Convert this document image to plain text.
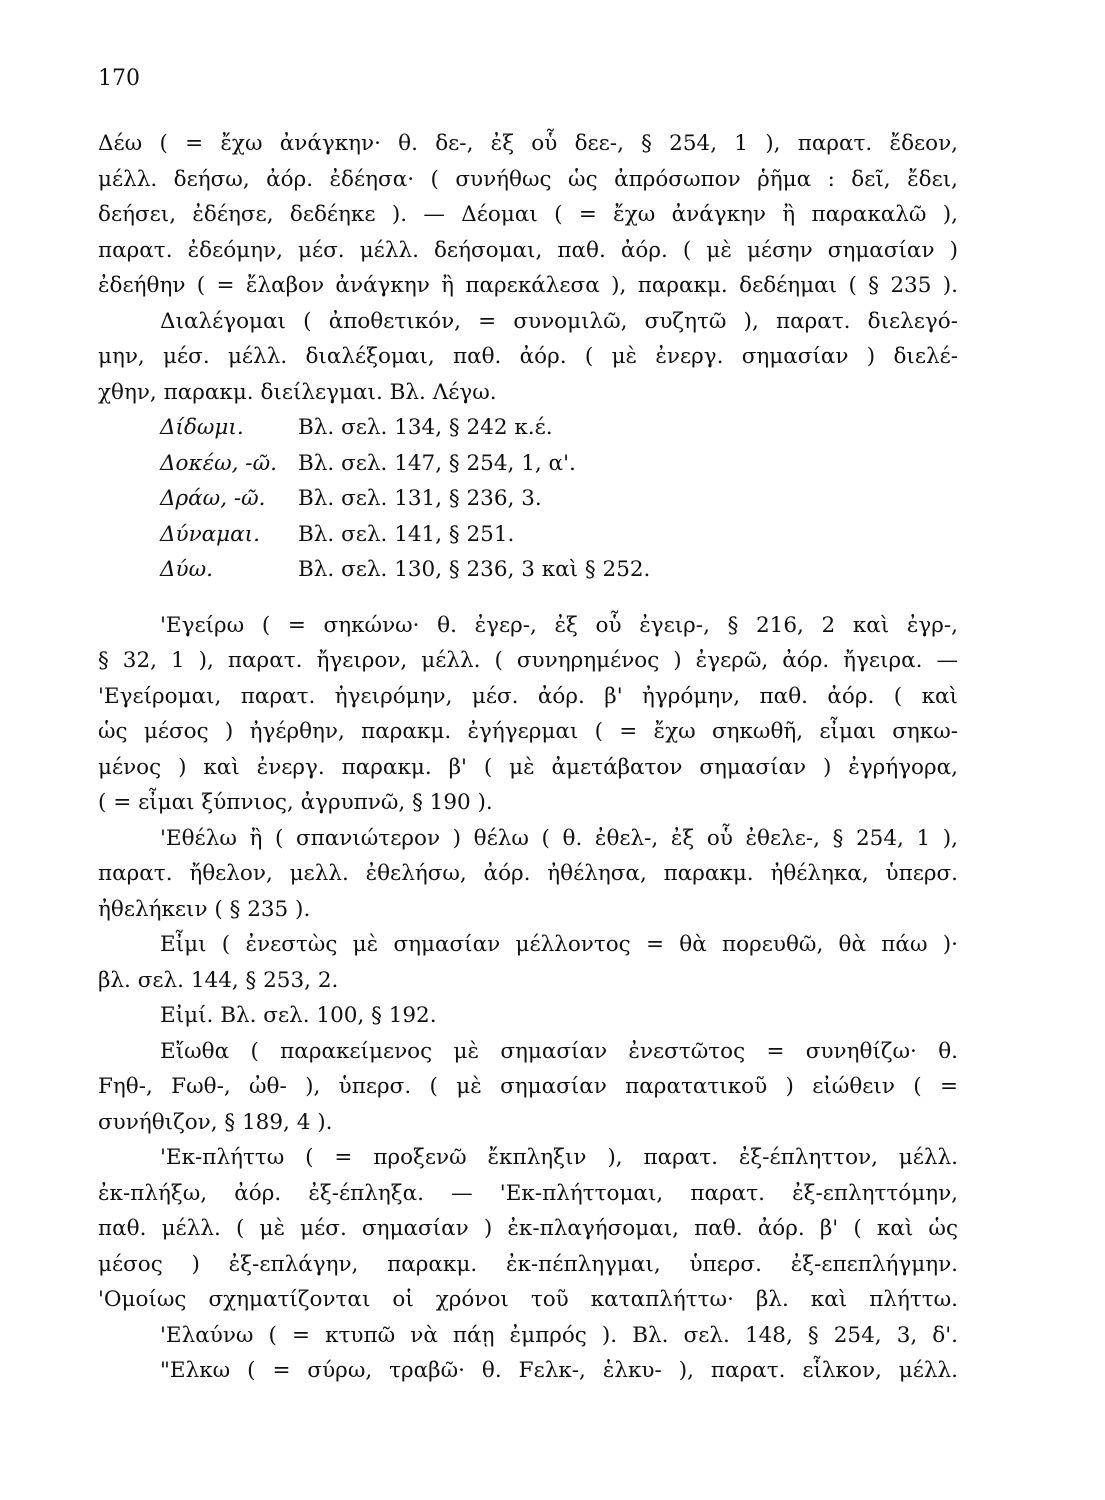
170
Δέω ( = ἔχω ἀνάγκην· θ. δε-, ἐξ οὗ δεε-, § 254, 1 ), παρατ. ἔδεον,
μέλλ. δεήσω, ἀόρ. ἐδέησα· ( συνήθως ὡς ἀπρόσωπον ῥῆμα : δεῖ, ἔδει,
δεήσει, ἐδέησε, δεδέηκε ). — Δέομαι ( = ἔχω ἀνάγκην ἢ παρακαλῶ ),
παρατ. ἐδεόμην, μέσ. μέλλ. δεήσομαι, παθ. ἀόρ. ( μὲ μέσην σημασίαν )
ἐδεήθην ( = ἔλαβον ἀνάγκην ἢ παρεκάλεσα ), παρακμ. δεδέημαι ( § 235 ).
Διαλέγομαι ( ἀποθετικόν, = συνομιλῶ, συζητῶ ), παρατ. διελεγό-
μην, μέσ. μέλλ. διαλέξομαι, παθ. ἀόρ. ( μὲ ἐνεργ. σημασίαν ) διελέ-
χθην, παρακμ. διείλεγμαι. Βλ. Λέγω.
Δίδωμι.	Βλ. σελ. 134, § 242 κ.έ.
Δοκέω, -ῶ. Βλ. σελ. 147, § 254, 1, α'.
Δράω, -ῶ.	Βλ. σελ. 131, § 236, 3.
Δύναμαι.	Βλ. σελ. 141, § 251.
Δύω.	Βλ. σελ. 130, § 236, 3 καὶ § 252.
'Εγείρω ( = σηκώνω· θ. ἐγερ-, ἐξ οὗ ἐγειρ-, § 216, 2 καὶ ἐγρ-,
§ 32, 1 ), παρατ. ἤγειρον, μέλλ. ( συνηρημένος ) ἐγερῶ, ἀόρ. ἤγειρα. —
'Εγείρομαι, παρατ. ἠγειρόμην, μέσ. ἀόρ. β' ἠγρόμην, παθ. ἀόρ. ( καὶ
ὡς μέσος ) ἠγέρθην, παρακμ. ἐγήγερμαι ( = ἔχω σηκωθῆ, εἶμαι σηκω-
μένος ) καὶ ἐνεργ. παρακμ. β' ( μὲ ἀμετάβατον σημασίαν ) ἐγρήγορα,
( = εἶμαι ξύπνιος, ἀγρυπνῶ, § 190 ).
'Εθέλω ἢ ( σπανιώτερον ) θέλω ( θ. ἐθελ-, ἐξ οὗ ἐθελε-, § 254, 1 ),
παρατ. ἤθελον, μελλ. ἐθελήσω, ἀόρ. ἠθέλησα, παρακμ. ἠθέληκα, ὑπερσ.
ἠθελήκειν ( § 235 ).
Εἶμι ( ἐνεστὼς μὲ σημασίαν μέλλοντος = θὰ πορευθῶ, θὰ πάω )·
βλ. σελ. 144, § 253, 2.
Εἰμί. Βλ. σελ. 100, § 192.
Εἴωθα ( παρακείμενος μὲ σημασίαν ἐνεστῶτος = συνηθίζω· θ.
Fηθ-, Fωθ-, ὠθ- ), ὑπερσ. ( μὲ σημασίαν παρατατικοῦ ) εἰώθειν ( =
συνήθιζον, § 189, 4 ).
'Εκ-πλήττω ( = προξενῶ ἔκπληξιν ), παρατ. ἐξ-έπληττον, μέλλ.
ἐκ-πλήξω, ἀόρ. ἐξ-έπληξα. — 'Εκ-πλήττομαι, παρατ. ἐξ-επληττόμην,
παθ. μέλλ. ( μὲ μέσ. σημασίαν ) ἐκ-πλαγήσομαι, παθ. ἀόρ. β' ( καὶ ὡς
μέσος ) ἐξ-επλάγην, παρακμ. ἐκ-πέπληγμαι, ὑπερσ. ἐξ-επεπλήγμην.
'Ομοίως σχηματίζονται οἱ χρόνοι τοῦ καταπλήττω· βλ. καὶ πλήττω.
'Ελαύνω ( = κτυπῶ νὰ πάῃ ἐμπρός ). Βλ. σελ. 148, § 254, 3, δ'.
"Ελκω ( = σύρω, τραβῶ· θ. Fελκ-, ἑλκυ- ), παρατ. εἷλκον, μέλλ.
